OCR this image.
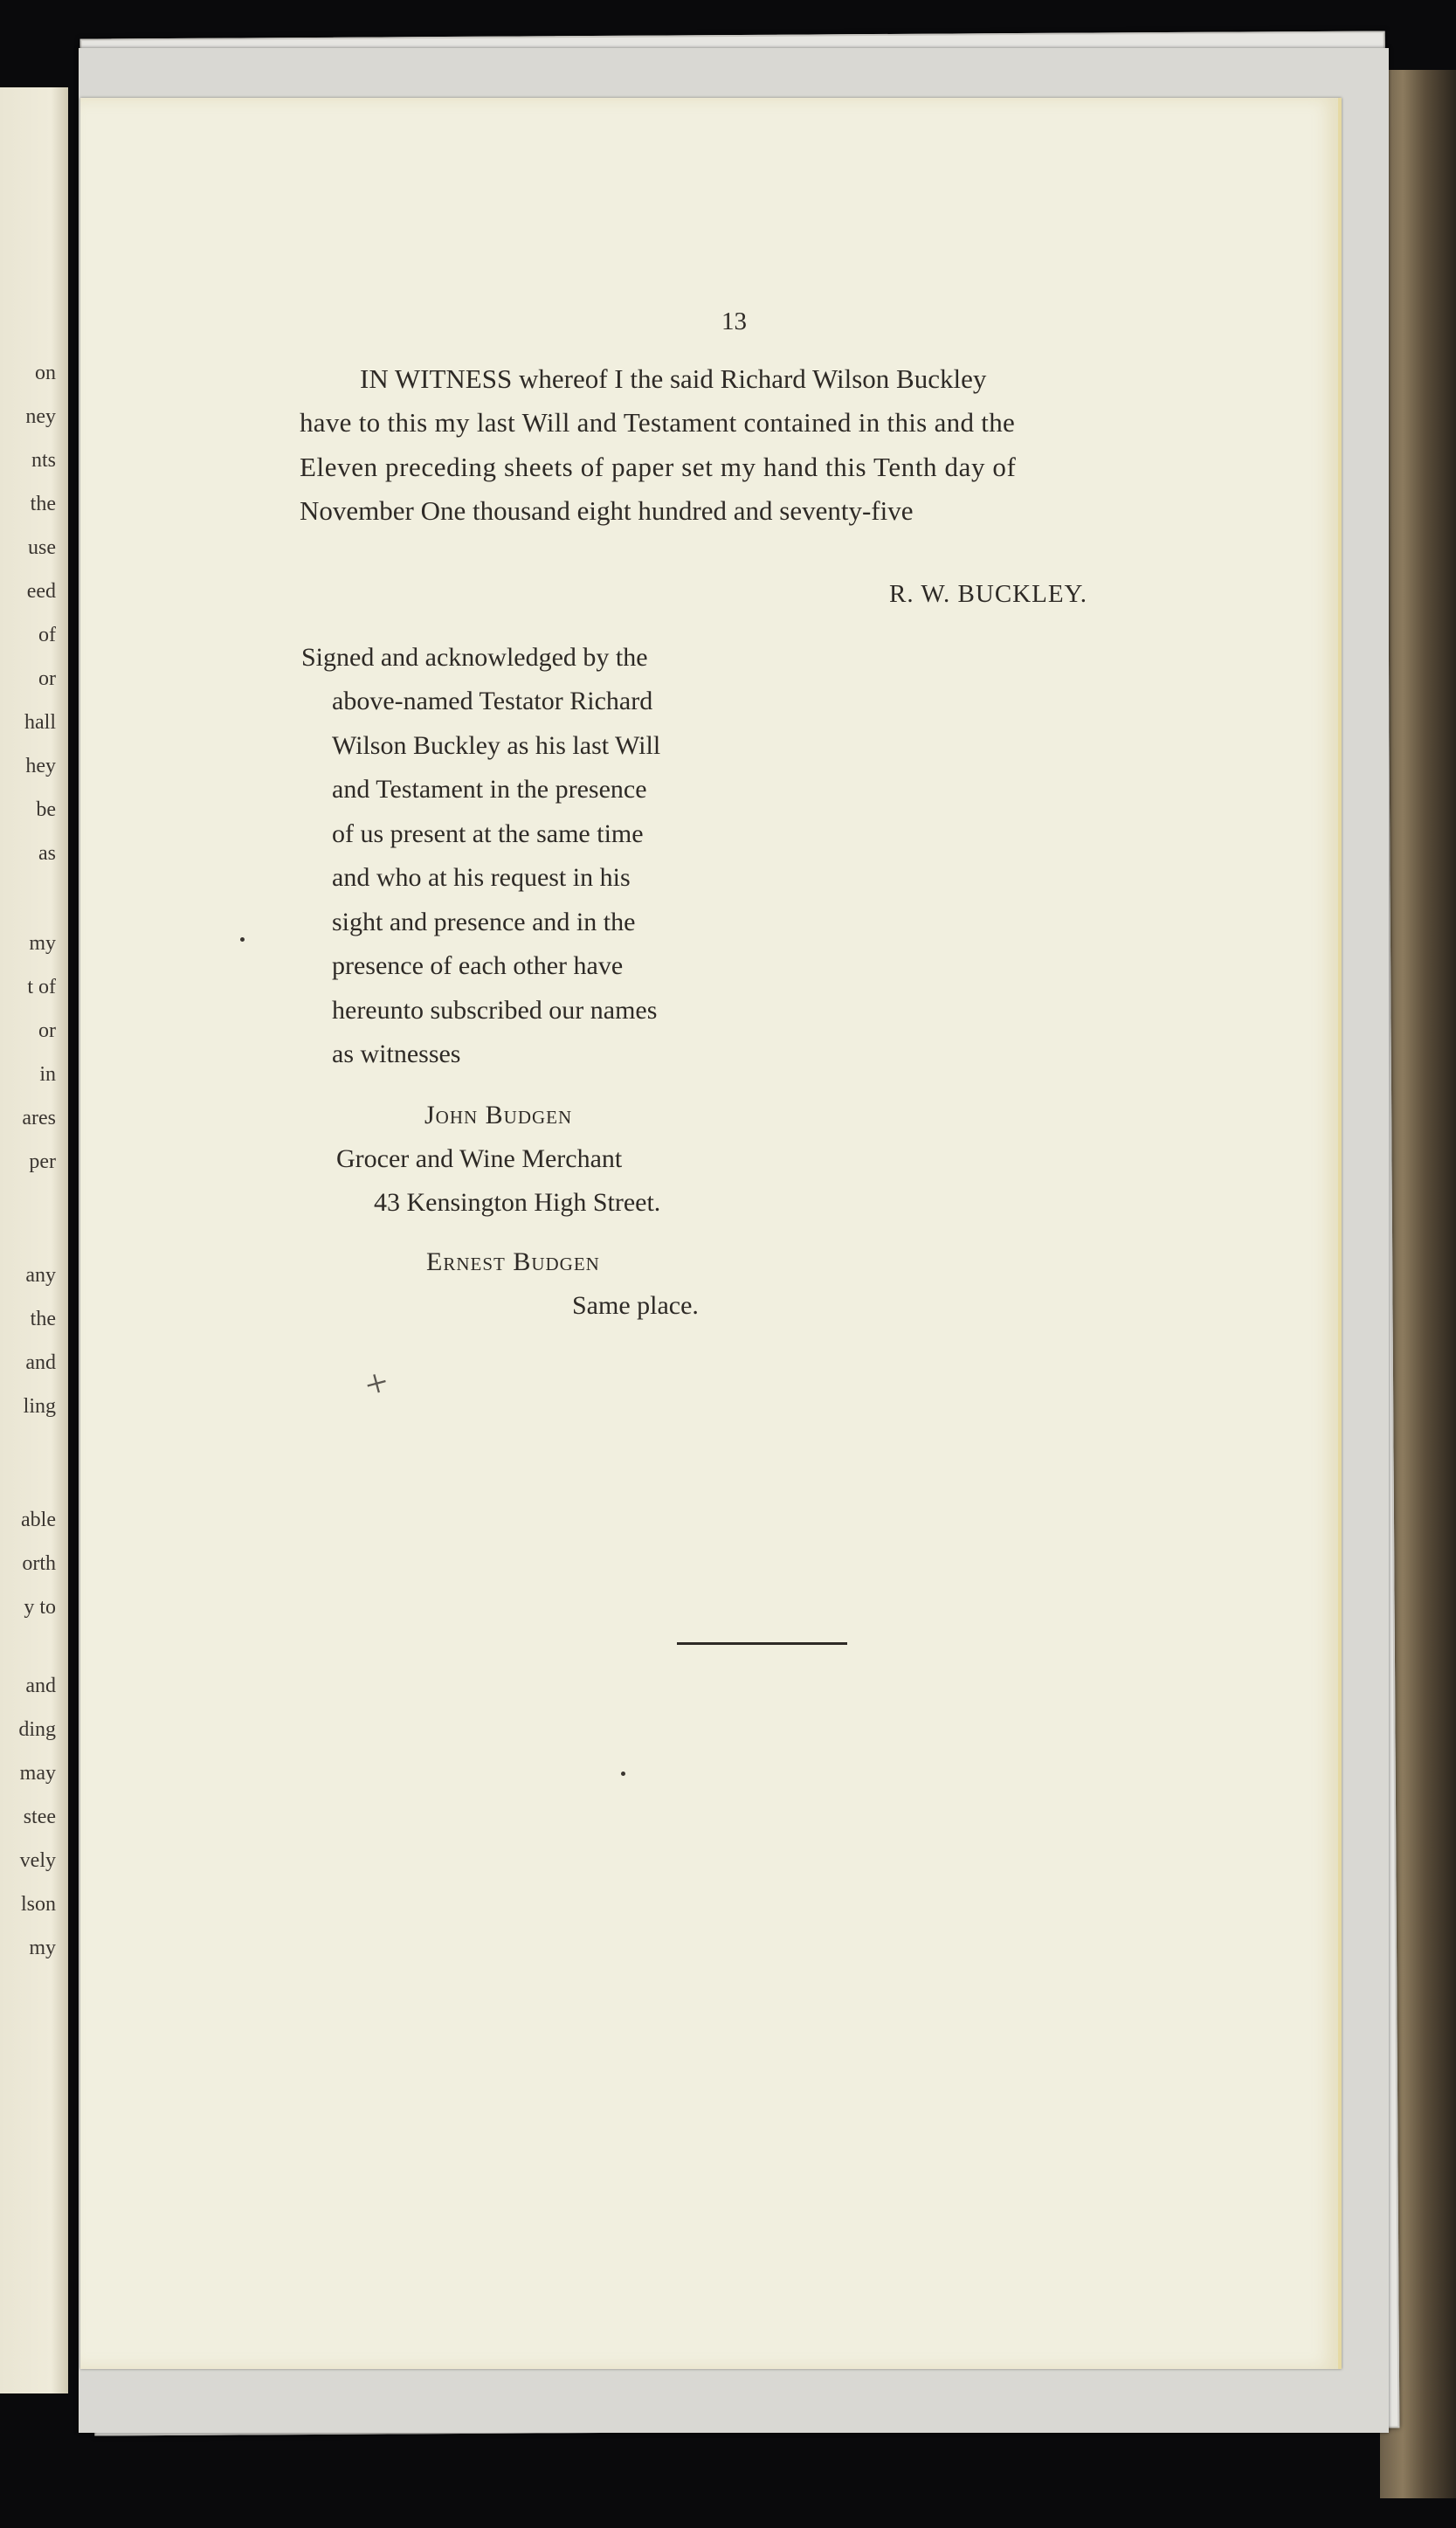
on
ney
nts
the
use
eed
of
or
hall
hey
be
as
my
t of
or
in
ares
per
any
the
and
ling
able
orth
y to
and
ding
may
stee
vely
lson
my
13
IN WITNESS whereof I the said Richard Wilson Buckley
have to this my last Will and Testament contained in this and the
Eleven preceding sheets of paper set my hand this Tenth day of
November One thousand eight hundred and seventy-five
R. W. BUCKLEY.
Signed and acknowledged by the
above-named Testator Richard
Wilson Buckley as his last Will
and Testament in the presence
of us present at the same time
and who at his request in his
sight and presence and in the
presence of each other have
hereunto subscribed our names
as witnesses
John Budgen
Grocer and Wine Merchant
43 Kensington High Street.
Ernest Budgen
Same place.
+
